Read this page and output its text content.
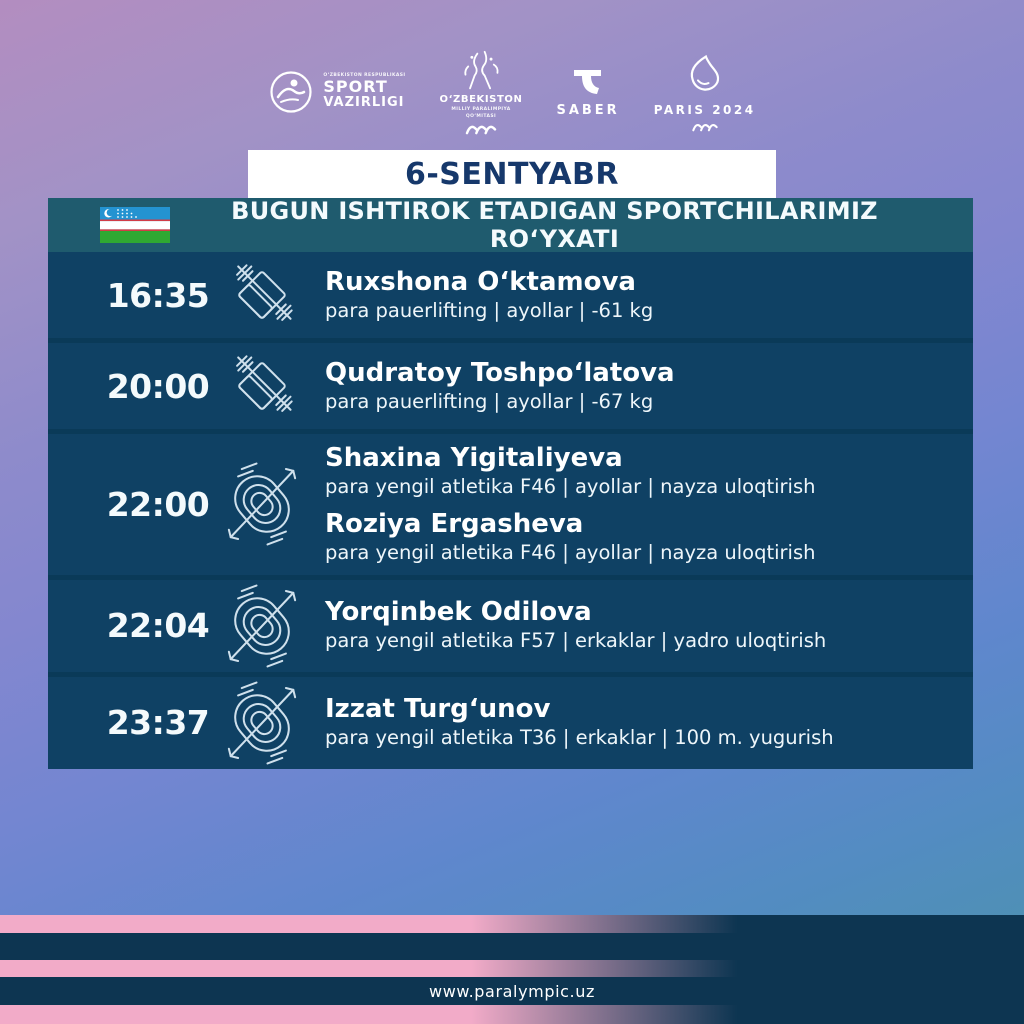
O‘ZBEKISTON RESPUBLIKASI
SPORT
VAZIRLIGI	O‘ZBEKISTON
MILLIY PARALIMPIYA
QO‘MITASI	SABER	PARIS 2024
6-SENTYABR
BUGUN ISHTIROK ETADIGAN SPORTCHILARIMIZ RO‘YXATI
16:35	Ruxshona O‘ktamova
para pauerlifting | ayollar | -61 kg
20:00	Qudratoy Toshpo‘latova
para pauerlifting | ayollar | -67 kg
22:00
Shaxina Yigitaliyeva
para yengil atletika F46 | ayollar | nayza uloqtirish
Roziya Ergasheva
para yengil atletika F46 | ayollar | nayza uloqtirish
22:04	Yorqinbek Odilova
para yengil atletika F57 | erkaklar | yadro uloqtirish
23:37	Izzat Turg‘unov
para yengil atletika T36 | erkaklar | 100 m. yugurish
www.paralympic.uz
